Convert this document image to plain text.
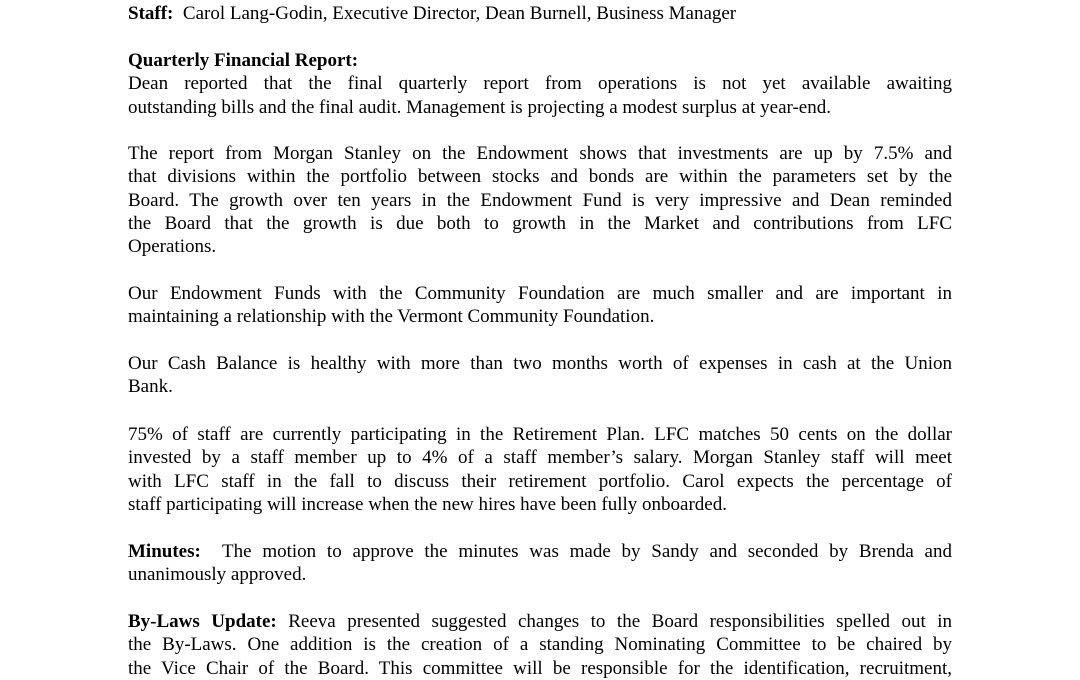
Staff: Carol Lang-Godin, Executive Director, Dean Burnell, Business Manager
Quarterly Financial Report:
Dean reported that the final quarterly report from operations is not yet available awaiting
outstanding bills and the final audit. Management is projecting a modest surplus at year-end.
The report from Morgan Stanley on the Endowment shows that investments are up by 7.5% and
that divisions within the portfolio between stocks and bonds are within the parameters set by the
Board. The growth over ten years in the Endowment Fund is very impressive and Dean reminded
the Board that the growth is due both to growth in the Market and contributions from LFC
Operations.
Our Endowment Funds with the Community Foundation are much smaller and are important in
maintaining a relationship with the Vermont Community Foundation.
Our Cash Balance is healthy with more than two months worth of expenses in cash at the Union
Bank.
75% of staff are currently participating in the Retirement Plan. LFC matches 50 cents on the dollar
invested by a staff member up to 4% of a staff member’s salary. Morgan Stanley staff will meet
with LFC staff in the fall to discuss their retirement portfolio. Carol expects the percentage of
staff participating will increase when the new hires have been fully onboarded.
Minutes: The motion to approve the minutes was made by Sandy and seconded by Brenda and
unanimously approved.
By-Laws Update: Reeva presented suggested changes to the Board responsibilities spelled out in
the By-Laws. One addition is the creation of a standing Nominating Committee to be chaired by
the Vice Chair of the Board. This committee will be responsible for the identification, recruitment,
